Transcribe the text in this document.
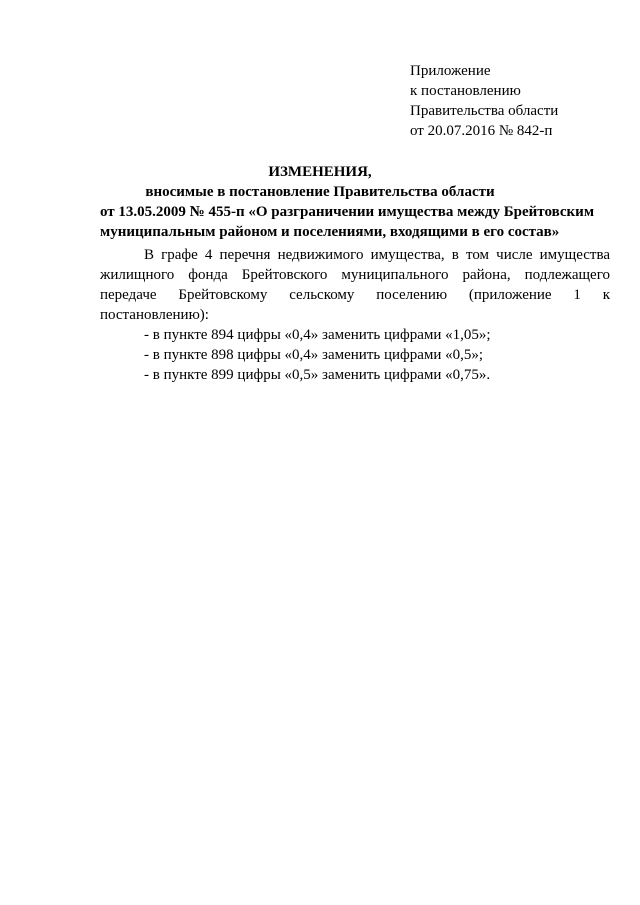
Приложение
к постановлению
Правительства области
от 20.07.2016 № 842-п
ИЗМЕНЕНИЯ,
вносимые в постановление Правительства области
от 13.05.2009 № 455-п «О разграничении имущества между Брейтовским
муниципальным районом и поселениями, входящими в его состав»

В графе 4 перечня недвижимого имущества, в том числе имущества жилищного фонда Брейтовского муниципального района, подлежащего передаче Брейтовскому сельскому поселению (приложение 1 к постановлению):

- в пункте 894 цифры «0,4» заменить цифрами «1,05»;
- в пункте 898 цифры «0,4» заменить цифрами «0,5»;
- в пункте 899 цифры «0,5» заменить цифрами «0,75».
